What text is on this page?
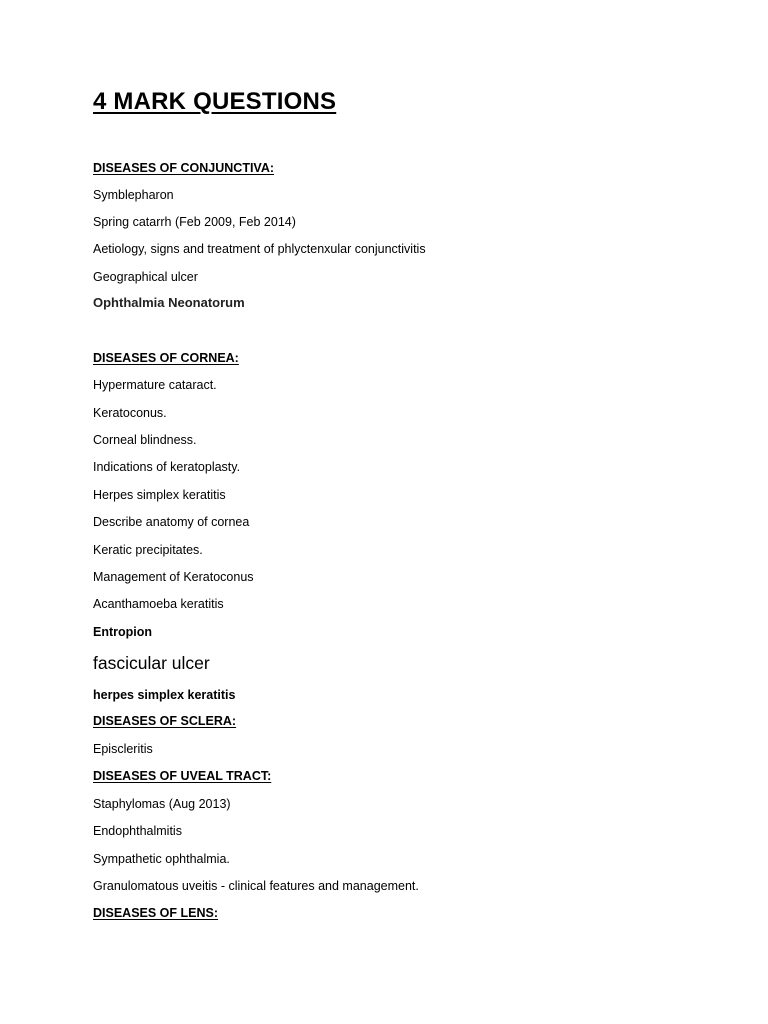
4 MARK QUESTIONS
DISEASES OF CONJUNCTIVA:
Symblepharon
Spring catarrh (Feb 2009, Feb 2014)
Aetiology, signs and treatment of phlyctenxular conjunctivitis
Geographical ulcer
Ophthalmia Neonatorum
DISEASES OF CORNEA:
Hypermature cataract.
Keratoconus.
Corneal blindness.
Indications of keratoplasty.
Herpes simplex keratitis
Describe anatomy of cornea
Keratic precipitates.
Management of Keratoconus
Acanthamoeba keratitis
Entropion
fascicular ulcer
herpes simplex keratitis
DISEASES OF SCLERA:
Episcleritis
DISEASES OF UVEAL TRACT:
Staphylomas (Aug 2013)
Endophthalmitis
Sympathetic ophthalmia.
Granulomatous uveitis - clinical features and management.
DISEASES OF LENS:
